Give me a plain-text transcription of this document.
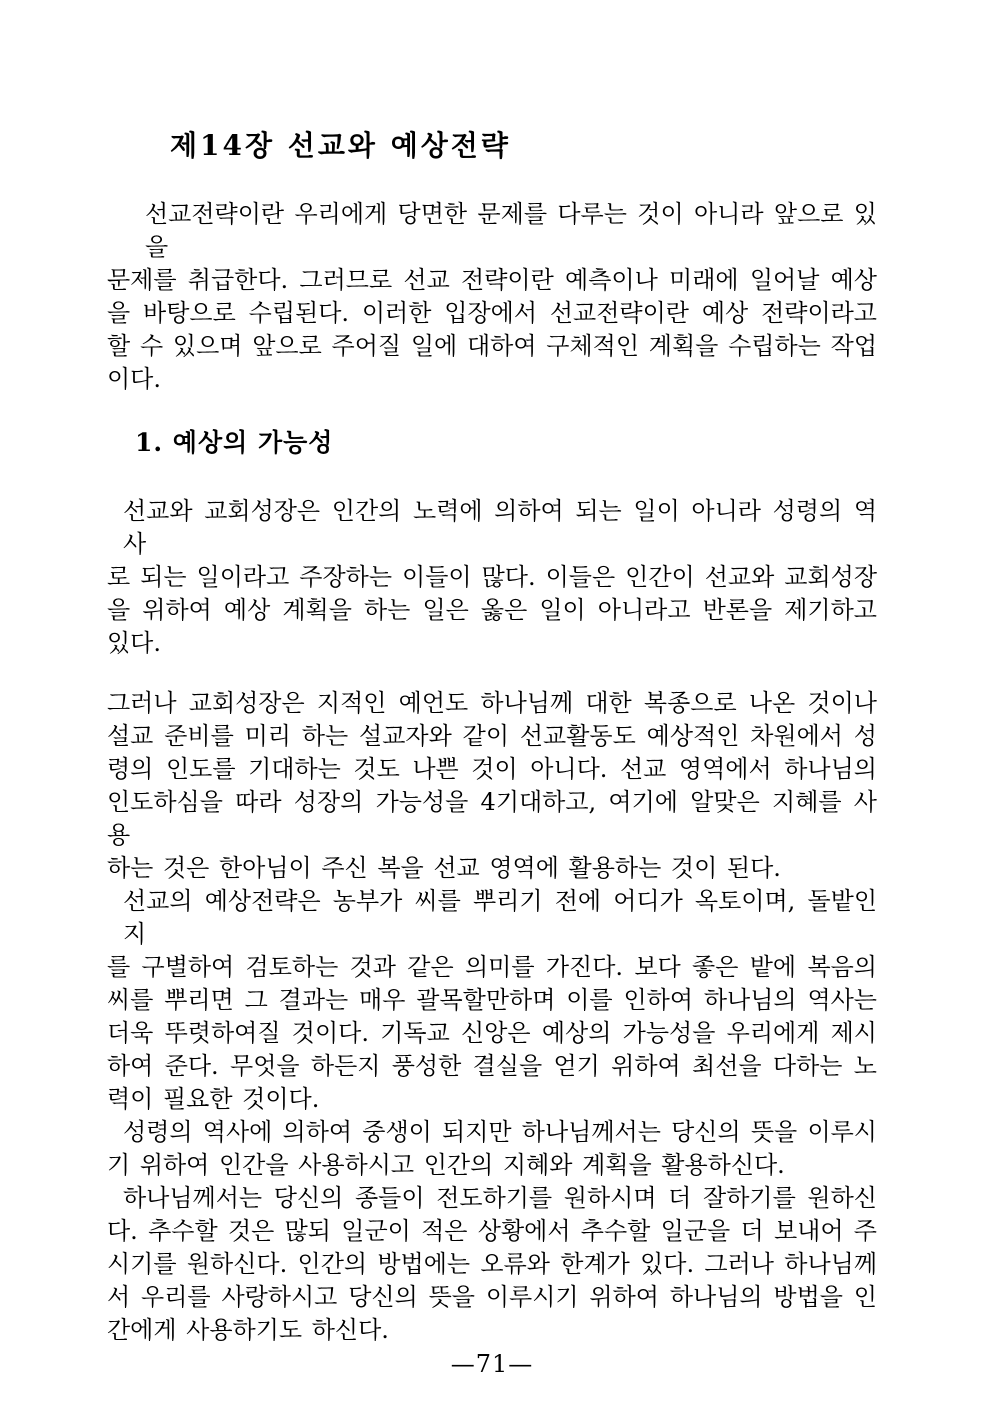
제14장 선교와 예상전략
선교전략이란 우리에게 당면한 문제를 다루는 것이 아니라 앞으로 있을
문제를 취급한다. 그러므로 선교 전략이란 예측이나 미래에 일어날 예상
을 바탕으로 수립된다. 이러한 입장에서 선교전략이란 예상 전략이라고
할 수 있으며 앞으로 주어질 일에 대하여 구체적인 계획을 수립하는 작업
이다.
1. 예상의 가능성
선교와 교회성장은 인간의 노력에 의하여 되는 일이 아니라 성령의 역사
로 되는 일이라고 주장하는 이들이 많다. 이들은 인간이 선교와 교회성장
을 위하여 예상 계획을 하는 일은 옳은 일이 아니라고 반론을 제기하고
있다.
그러나 교회성장은 지적인 예언도 하나님께 대한 복종으로 나온 것이나
설교 준비를 미리 하는 설교자와 같이 선교활동도 예상적인 차원에서 성
령의 인도를 기대하는 것도 나쁜 것이 아니다. 선교 영역에서 하나님의
인도하심을 따라 성장의 가능성을 4기대하고, 여기에 알맞은 지혜를 사용
하는 것은 한아님이 주신 복을 선교 영역에 활용하는 것이 된다.
선교의 예상전략은 농부가 씨를 뿌리기 전에 어디가 옥토이며, 돌밭인지
를 구별하여 검토하는 것과 같은 의미를 가진다. 보다 좋은 밭에 복음의
씨를 뿌리면 그 결과는 매우 괄목할만하며 이를 인하여 하나님의 역사는
더욱 뚜렷하여질 것이다. 기독교 신앙은 예상의 가능성을 우리에게 제시
하여 준다. 무엇을 하든지 풍성한 결실을 얻기 위하여 최선을 다하는 노
력이 필요한 것이다.
성령의 역사에 의하여 중생이 되지만 하나님께서는 당신의 뜻을 이루시
기 위하여 인간을 사용하시고 인간의 지혜와 계획을 활용하신다.
하나님께서는 당신의 종들이 전도하기를 원하시며 더 잘하기를 원하신
다. 추수할 것은 많되 일군이 적은 상황에서 추수할 일군을 더 보내어 주
시기를 원하신다. 인간의 방법에는 오류와 한계가 있다. 그러나 하나님께
서 우리를 사랑하시고 당신의 뜻을 이루시기 위하여 하나님의 방법을 인
간에게 사용하기도 하신다.
—71—
